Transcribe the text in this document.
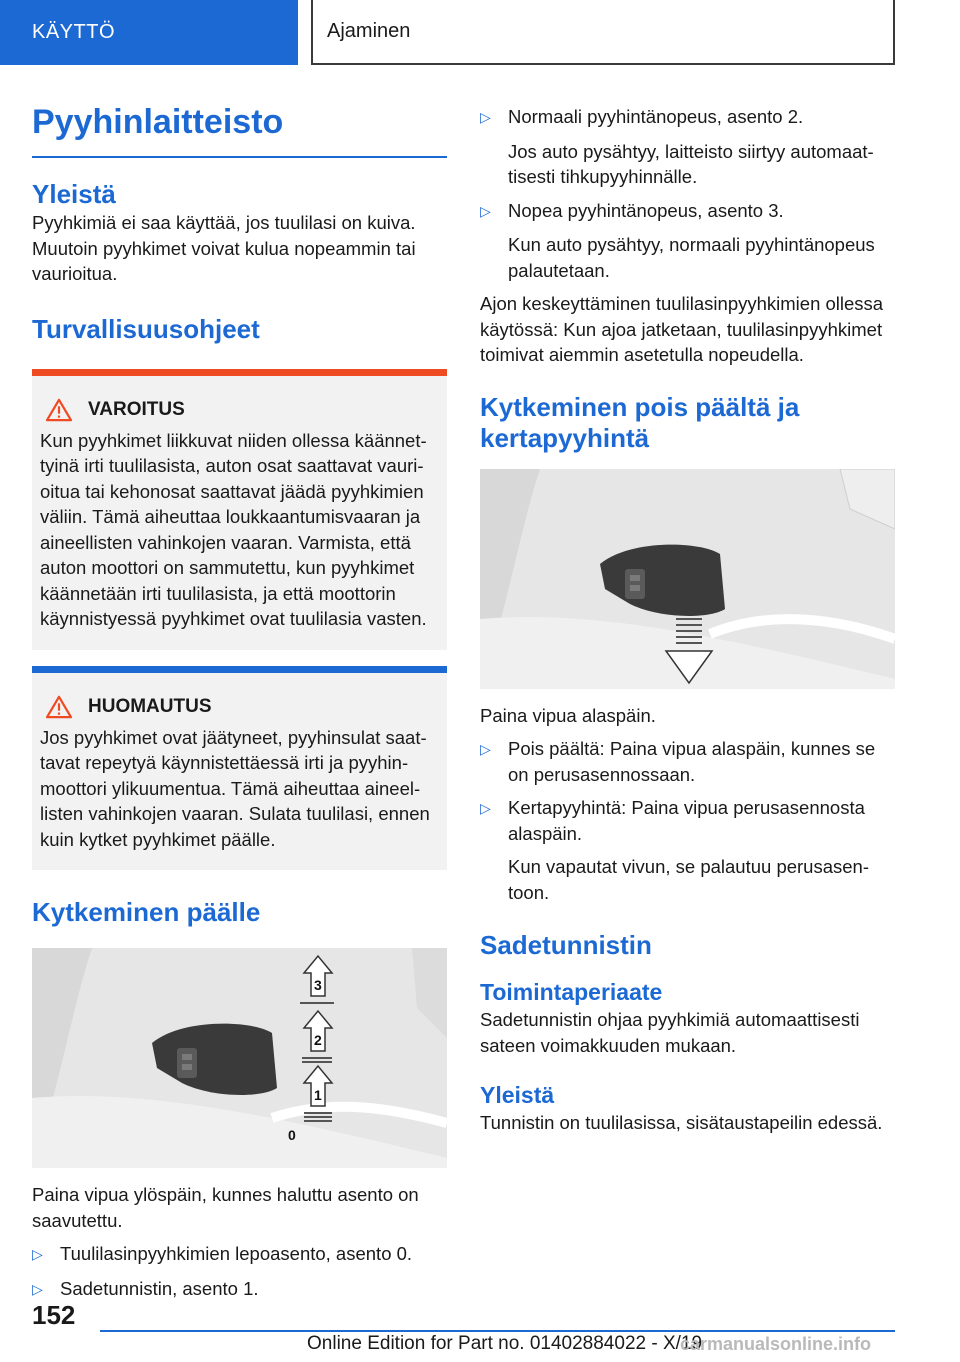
KÄYTTÖ	Ajaminen
Pyyhinlaitteisto
Yleistä

Pyyhkimiä ei saa käyttää, jos tuulilasi on kuiva. Muutoin pyyhkimet voivat kulua nopeammin tai vaurioitua.

Turvallisuusohjeet
VAROITUS

Kun pyyhkimet liikkuvat niiden ollessa käännettyinä irti tuulilasista, auton osat saattavat vaurioitua tai kehonosat saattavat jäädä pyyhkimien väliin. Tämä aiheuttaa loukkaantumisvaaran ja aineellisten vahinkojen vaaran. Varmista, että auton moottori on sammutettu, kun pyyhkimet käännetään irti tuulilasista, ja että moottorin käynnistyessä pyyhkimet ovat tuulilasia vasten.

HUOMAUTUS

Jos pyyhkimet ovat jäätyneet, pyyhinsulat saattavat repeytyä käynnistettäessä irti ja pyyhinmoottori ylikuumentua. Tämä aiheuttaa aineellisten vahinkojen vaaran. Sulata tuulilasi, ennen kuin kytket pyyhkimet päälle.

Kytkeminen päälle
3
2
1
0

Paina vipua ylöspäin, kunnes haluttu asento on saavutettu.

▷ Tuulilasinpyyhkimien lepoasento, asento 0.
▷ Sadetunnistin, asento 1.
▷ Normaali pyyhintänopeus, asento 2.

Jos auto pysähtyy, laitteisto siirtyy automaattisesti tihkupyyhinnälle.

▷ Nopea pyyhintänopeus, asento 3.

Kun auto pysähtyy, normaali pyyhintänopeus palautetaan.

Ajon keskeyttäminen tuulilasinpyyhkimien ollessa käytössä: Kun ajoa jatketaan, tuulilasinpyyhkimet toimivat aiemmin asetetulla nopeudella.

Kytkeminen pois päältä ja kertapyyhintä

Paina vipua alaspäin.

▷ Pois päältä: Paina vipua alaspäin, kunnes se on perusasennossaan.
▷ Kertapyyhintä: Paina vipua perusasennosta alaspäin.

Kun vapautat vivun, se palautuu perusasentoon.

Sadetunnistin
Toimintaperiaate

Sadetunnistin ohjaa pyyhkimiä automaattisesti sateen voimakkuuden mukaan.

Yleistä

Tunnistin on tuulilasissa, sisätaustapeilin edessä.

152
Online Edition for Part no. 01402884022 - X/19
carmanualsonline.info
